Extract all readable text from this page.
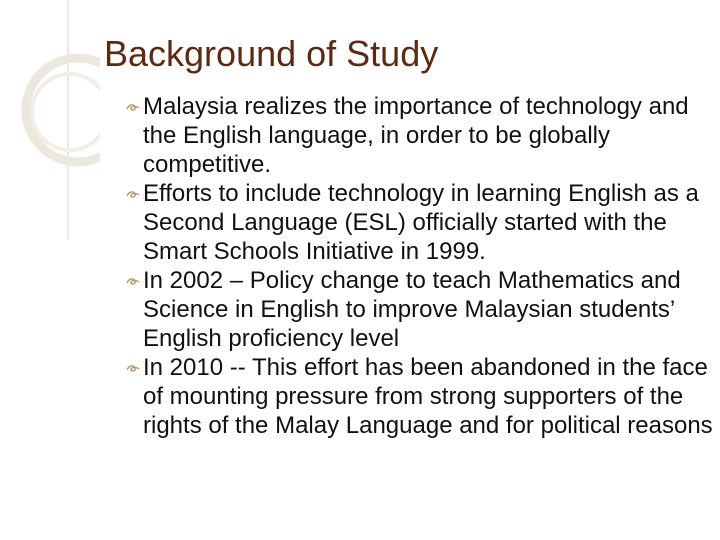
Background of Study
Malaysia realizes the importance of technology and the English language, in order to be globally competitive.
Efforts to include technology in learning English as a Second Language (ESL) officially started with the Smart Schools Initiative in 1999.
In 2002 – Policy change to teach Mathematics and Science in English to improve Malaysian students’ English proficiency level
In 2010 -- This effort has been abandoned in the face of mounting pressure from strong supporters of the rights of the Malay Language and for political reasons
